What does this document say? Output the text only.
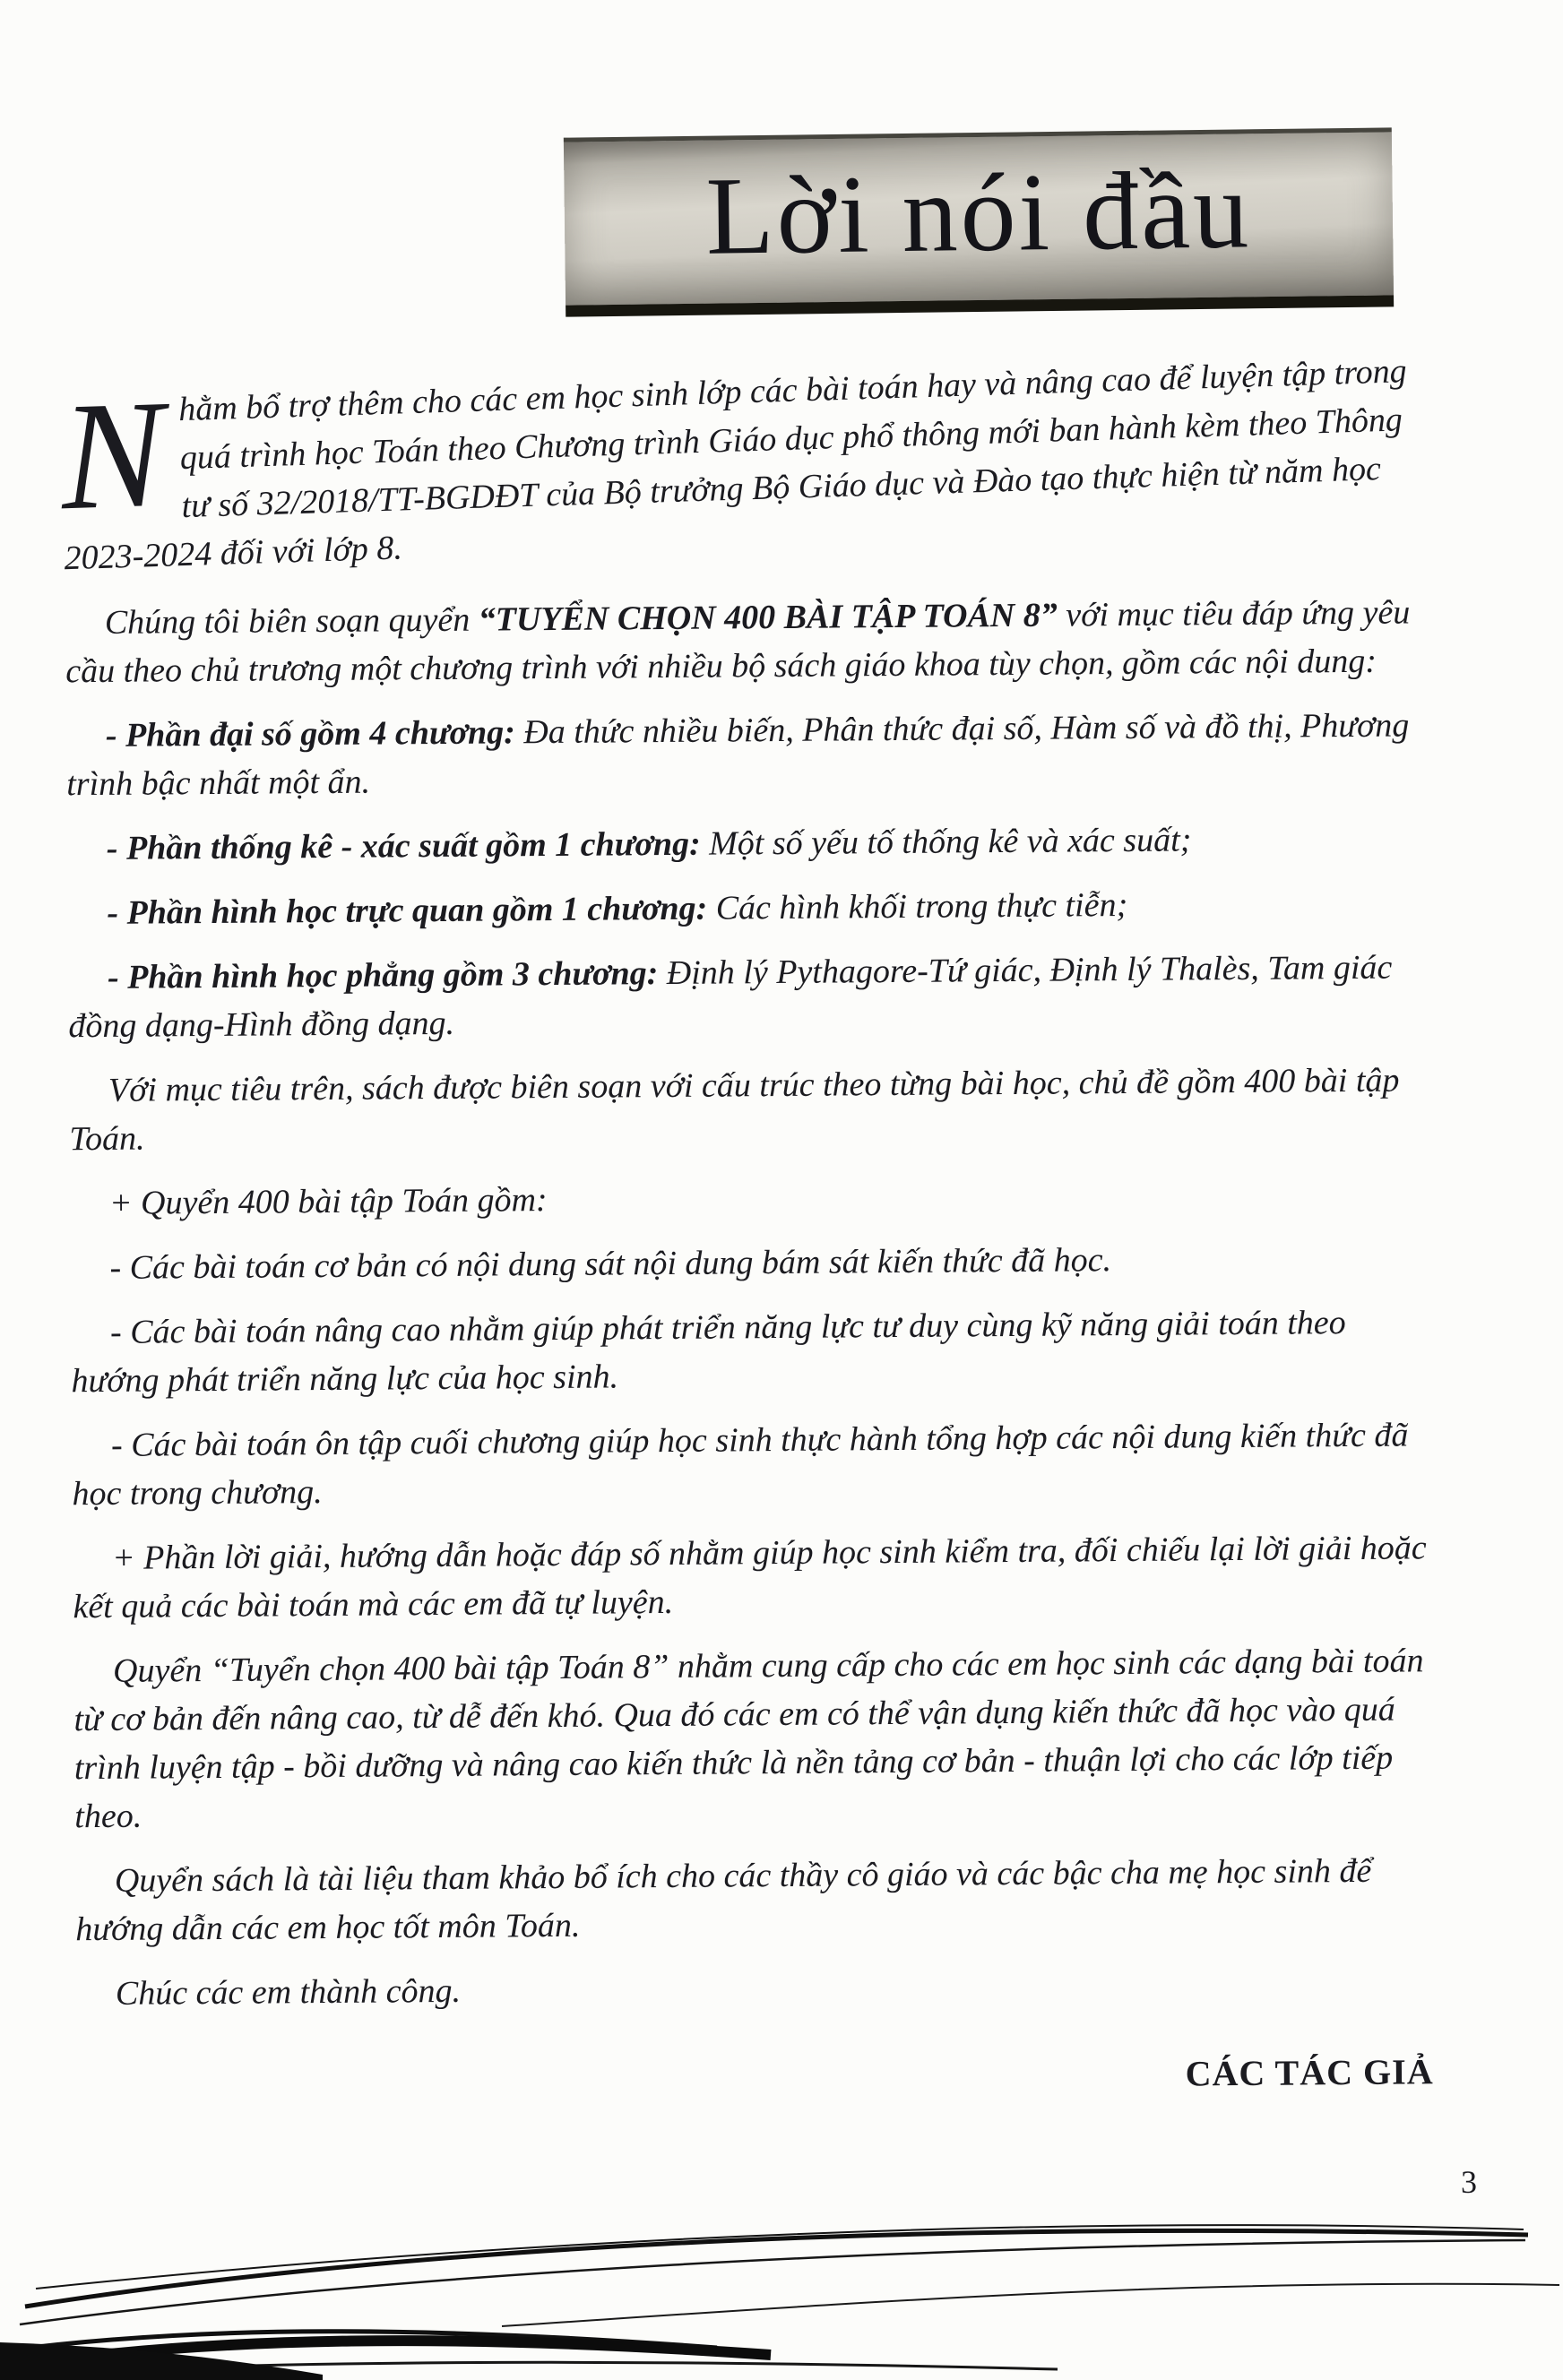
Lời nói đầu

Nhằm bổ trợ thêm cho các em học sinh lớp các bài toán hay và nâng cao để luyện tập trong quá trình học Toán theo Chương trình Giáo dục phổ thông mới ban hành kèm theo Thông tư số 32/2018/TT-BGDĐT của Bộ trưởng Bộ Giáo dục và Đào tạo thực hiện từ năm học 2023-2024 đối với lớp 8.

Chúng tôi biên soạn quyển “TUYỂN CHỌN 400 BÀI TẬP TOÁN 8” với mục tiêu đáp ứng yêu cầu theo chủ trương một chương trình với nhiều bộ sách giáo khoa tùy chọn, gồm các nội dung:

- Phần đại số gồm 4 chương: Đa thức nhiều biến, Phân thức đại số, Hàm số và đồ thị, Phương trình bậc nhất một ẩn.

- Phần thống kê - xác suất gồm 1 chương: Một số yếu tố thống kê và xác suất;

- Phần hình học trực quan gồm 1 chương: Các hình khối trong thực tiễn;

- Phần hình học phẳng gồm 3 chương: Định lý Pythagore-Tứ giác, Định lý Thalès, Tam giác đồng dạng-Hình đồng dạng.

Với mục tiêu trên, sách được biên soạn với cấu trúc theo từng bài học, chủ đề gồm 400 bài tập Toán.

+ Quyển 400 bài tập Toán gồm:

- Các bài toán cơ bản có nội dung sát nội dung bám sát kiến thức đã học.

- Các bài toán nâng cao nhằm giúp phát triển năng lực tư duy cùng kỹ năng giải toán theo hướng phát triển năng lực của học sinh.

- Các bài toán ôn tập cuối chương giúp học sinh thực hành tổng hợp các nội dung kiến thức đã học trong chương.

+ Phần lời giải, hướng dẫn hoặc đáp số nhằm giúp học sinh kiểm tra, đối chiếu lại lời giải hoặc kết quả các bài toán mà các em đã tự luyện.

Quyển “Tuyển chọn 400 bài tập Toán 8” nhằm cung cấp cho các em học sinh các dạng bài toán từ cơ bản đến nâng cao, từ dễ đến khó. Qua đó các em có thể vận dụng kiến thức đã học vào quá trình luyện tập - bồi dưỡng và nâng cao kiến thức là nền tảng cơ bản - thuận lợi cho các lớp tiếp theo.

Quyển sách là tài liệu tham khảo bổ ích cho các thầy cô giáo và các bậc cha mẹ học sinh để hướng dẫn các em học tốt môn Toán.

Chúc các em thành công.

CÁC TÁC GIẢ
3
